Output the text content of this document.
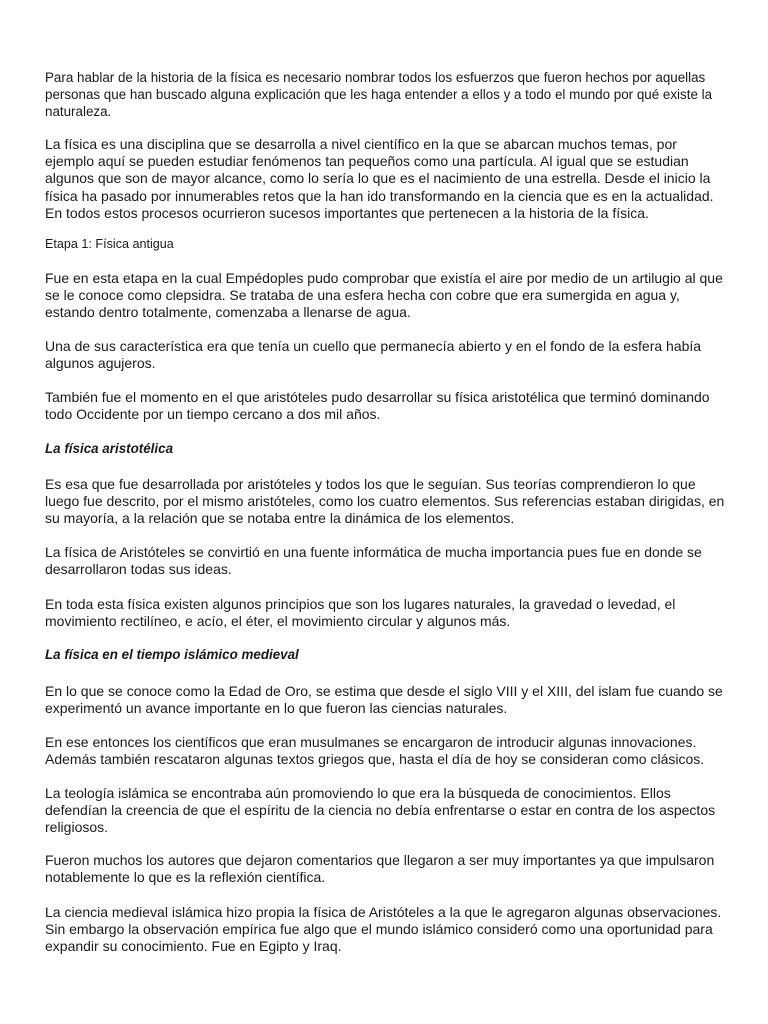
Para hablar de la historia de la física es necesario nombrar todos los esfuerzos que fueron hechos por aquellas personas que han buscado alguna explicación que les haga entender a ellos y a todo el mundo por qué existe la naturaleza.

La física es una disciplina que se desarrolla a nivel científico en la que se abarcan muchos temas, por ejemplo aquí se pueden estudiar fenómenos tan pequeños como una partícula. Al igual que se estudian algunos que son de mayor alcance, como lo sería lo que es el nacimiento de una estrella. Desde el inicio la física ha pasado por innumerables retos que la han ido transformando en la ciencia que es en la actualidad. En todos estos procesos ocurrieron sucesos importantes que pertenecen a la historia de la física.

Etapa 1: Física antigua

Fue en esta etapa en la cual Empédoples pudo comprobar que existía el aire por medio de un artilugio al que se le conoce como clepsidra. Se trataba de una esfera hecha con cobre que era sumergida en agua y, estando dentro totalmente, comenzaba a llenarse de agua.

Una de sus característica era que tenía un cuello que permanecía abierto y en el fondo de la esfera había algunos agujeros.

También fue el momento en el que aristóteles pudo desarrollar su física aristotélica que terminó dominando todo Occidente por un tiempo cercano a dos mil años.

La física aristotélica

Es esa que fue desarrollada por aristóteles y todos los que le seguían. Sus teorías comprendieron lo que luego fue descrito, por el mismo aristóteles, como los cuatro elementos. Sus referencias estaban dirigidas, en su mayoría, a la relación que se notaba entre la dinámica de los elementos.

La física de Aristóteles se convirtió en una fuente informática de mucha importancia pues fue en donde se desarrollaron todas sus ideas.

En toda esta física existen algunos principios que son los lugares naturales, la gravedad o levedad, el movimiento rectilíneo, e acío, el éter, el movimiento circular y algunos más.

La física en el tiempo islámico medieval

En lo que se conoce como la Edad de Oro, se estima que desde el siglo VIII y el XIII, del islam fue cuando se experimentó un avance importante en lo que fueron las ciencias naturales.

En ese entonces los científicos que eran musulmanes se encargaron de introducir algunas innovaciones. Además también rescataron algunas textos griegos que, hasta el día de hoy se consideran como clásicos.

La teología islámica se encontraba aún promoviendo lo que era la búsqueda de conocimientos. Ellos defendían la creencia de que el espíritu de la ciencia no debía enfrentarse o estar en contra de los aspectos religiosos.

Fueron muchos los autores que dejaron comentarios que llegaron a ser muy importantes ya que impulsaron notablemente lo que es la reflexión científica.

La ciencia medieval islámica hizo propia la física de Aristóteles a la que le agregaron algunas observaciones. Sin embargo la observación empírica fue algo que el mundo islámico consideró como una oportunidad para expandir su conocimiento. Fue en Egipto y Iraq.
